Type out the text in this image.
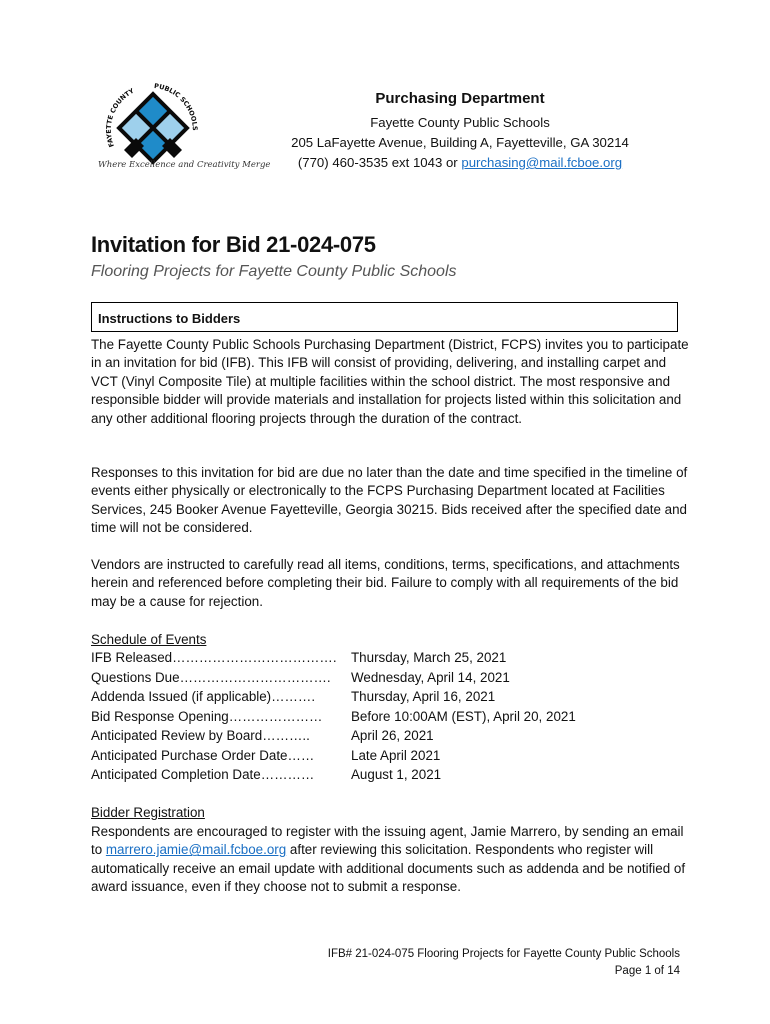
FAYETTE COUNTY
PUBLIC SCHOOLS
Where Excellence and Creativity Merge
Purchasing Department
Fayette County Public Schools
205 LaFayette Avenue, Building A, Fayetteville, GA 30214
(770) 460-3535 ext 1043 or purchasing@mail.fcboe.org
Invitation for Bid 21-024-075
Flooring Projects for Fayette County Public Schools
Instructions to Bidders
The Fayette County Public Schools Purchasing Department (District, FCPS) invites you to participate in an invitation for bid (IFB). This IFB will consist of providing, delivering, and installing carpet and VCT (Vinyl Composite Tile) at multiple facilities within the school district. The most responsive and responsible bidder will provide materials and installation for projects listed within this solicitation and any other additional flooring projects through the duration of the contract.
Responses to this invitation for bid are due no later than the date and time specified in the timeline of events either physically or electronically to the FCPS Purchasing Department located at Facilities Services, 245 Booker Avenue Fayetteville, Georgia 30215. Bids received after the specified date and time will not be considered.
Vendors are instructed to carefully read all items, conditions, terms, specifications, and attachments herein and referenced before completing their bid. Failure to comply with all requirements of the bid may be a cause for rejection.
Schedule of Events
IFB Released……………………………….	Thursday, March 25, 2021
Questions Due…………………………….	Wednesday, April 14, 2021
Addenda Issued (if applicable)……….	Thursday, April 16, 2021
Bid Response Opening…………………	Before 10:00AM (EST), April 20, 2021
Anticipated Review by Board………..	April 26, 2021
Anticipated Purchase Order Date……	Late April 2021
Anticipated Completion Date…………	August 1, 2021
Bidder Registration
Respondents are encouraged to register with the issuing agent, Jamie Marrero, by sending an email to marrero.jamie@mail.fcboe.org after reviewing this solicitation. Respondents who register will automatically receive an email update with additional documents such as addenda and be notified of award issuance, even if they choose not to submit a response.
IFB# 21-024-075 Flooring Projects for Fayette County Public Schools
Page 1 of 14
